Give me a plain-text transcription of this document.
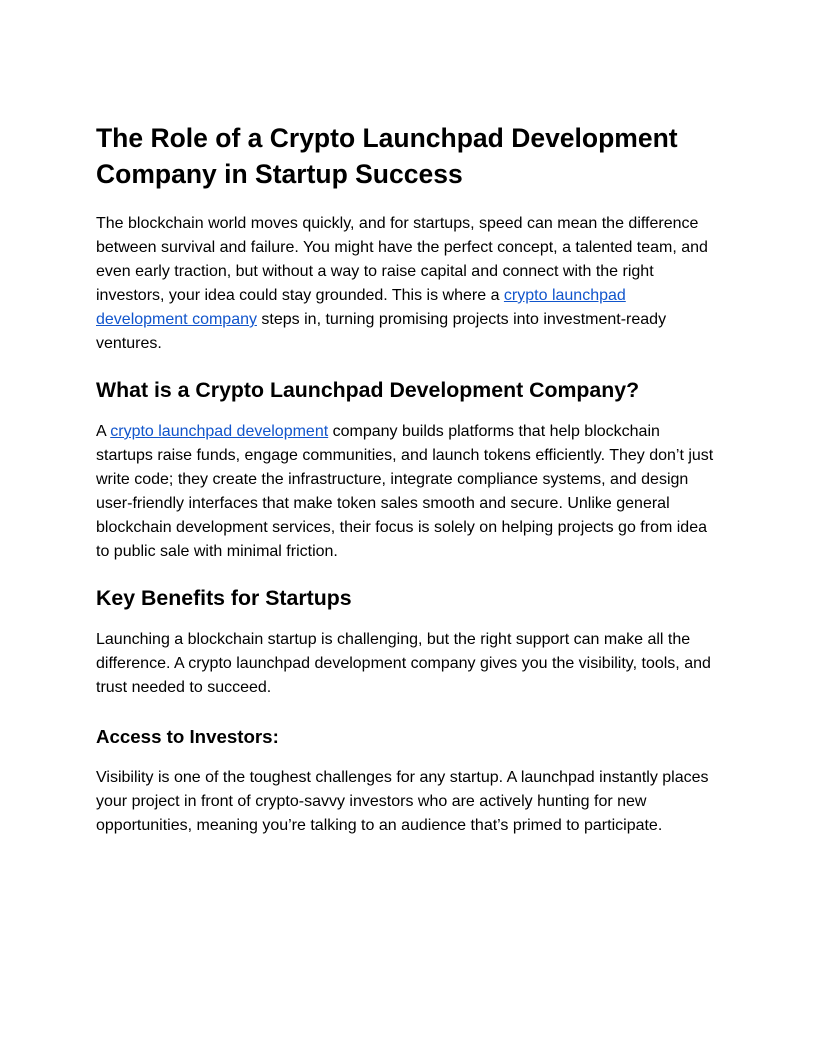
The Role of a Crypto Launchpad Development Company in Startup Success

The blockchain world moves quickly, and for startups, speed can mean the difference between survival and failure. You might have the perfect concept, a talented team, and even early traction, but without a way to raise capital and connect with the right investors, your idea could stay grounded. This is where a crypto launchpad development company steps in, turning promising projects into investment-ready ventures.

What is a Crypto Launchpad Development Company?

A crypto launchpad development company builds platforms that help blockchain startups raise funds, engage communities, and launch tokens efficiently. They don’t just write code; they create the infrastructure, integrate compliance systems, and design user-friendly interfaces that make token sales smooth and secure. Unlike general blockchain development services, their focus is solely on helping projects go from idea to public sale with minimal friction.

Key Benefits for Startups

Launching a blockchain startup is challenging, but the right support can make all the difference. A crypto launchpad development company gives you the visibility, tools, and trust needed to succeed.

Access to Investors:

Visibility is one of the toughest challenges for any startup. A launchpad instantly places your project in front of crypto-savvy investors who are actively hunting for new opportunities, meaning you’re talking to an audience that’s primed to participate.
